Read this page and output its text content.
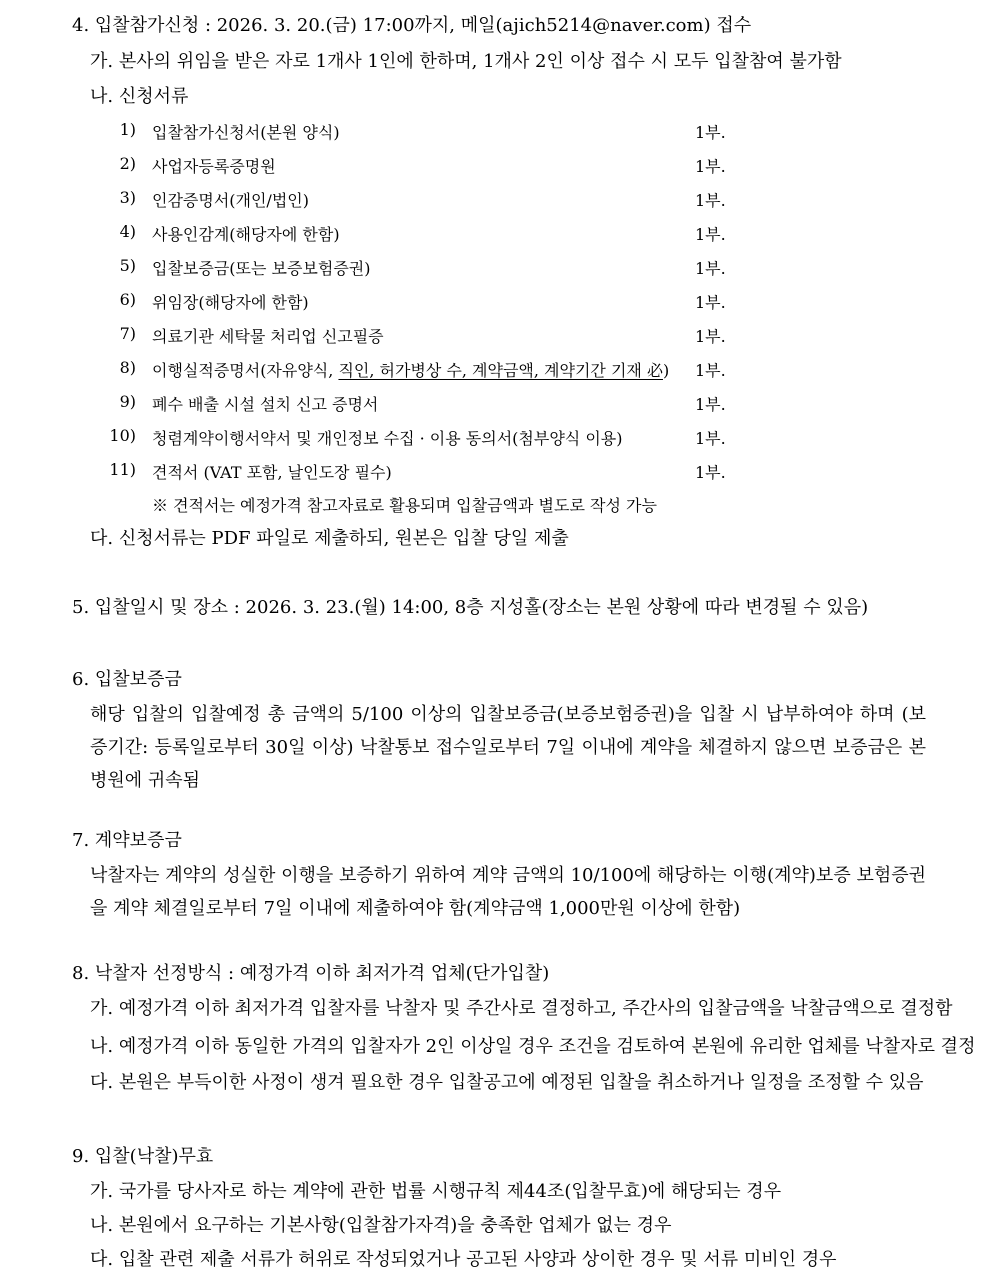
4. 입찰참가신청 : 2026. 3. 20.(금) 17:00까지, 메일(ajich5214@naver.com) 접수
가. 본사의 위임을 받은 자로 1개사 1인에 한하며, 1개사 2인 이상 접수 시 모두 입찰참여 불가함
나. 신청서류
1) 입찰참가신청서(본원 양식)	1부.
2) 사업자등록증명원	1부.
3) 인감증명서(개인/법인)	1부.
4) 사용인감계(해당자에 한함)	1부.
5) 입찰보증금(또는 보증보험증권)	1부.
6) 위임장(해당자에 한함)	1부.
7) 의료기관 세탁물 처리업 신고필증	1부.
8) 이행실적증명서(자유양식, 직인, 허가병상 수, 계약금액, 계약기간 기재 必) 1부.
9) 폐수 배출 시설 설치 신고 증명서	1부.
10) 청렴계약이행서약서 및 개인정보 수집 · 이용 동의서(첨부양식 이용)	1부.
11) 견적서 (VAT 포함, 날인도장 필수)	1부.
※ 견적서는 예정가격 참고자료로 활용되며 입찰금액과 별도로 작성 가능
다. 신청서류는 PDF 파일로 제출하되, 원본은 입찰 당일 제출
5. 입찰일시 및 장소 : 2026. 3. 23.(월) 14:00, 8층 지성홀(장소는 본원 상황에 따라 변경될 수 있음)
6. 입찰보증금
해당 입찰의 입찰예정 총 금액의 5/100 이상의 입찰보증금(보증보험증권)을 입찰 시 납부하여야 하며 (보증기간: 등록일로부터 30일 이상) 낙찰통보 접수일로부터 7일 이내에 계약을 체결하지 않으면 보증금은 본병원에 귀속됨
7. 계약보증금
낙찰자는 계약의 성실한 이행을 보증하기 위하여 계약 금액의 10/100에 해당하는 이행(계약)보증 보험증권을 계약 체결일로부터 7일 이내에 제출하여야 함(계약금액 1,000만원 이상에 한함)
8. 낙찰자 선정방식 : 예정가격 이하 최저가격 업체(단가입찰)
가. 예정가격 이하 최저가격 입찰자를 낙찰자 및 주간사로 결정하고, 주간사의 입찰금액을 낙찰금액으로 결정함
나. 예정가격 이하 동일한 가격의 입찰자가 2인 이상일 경우 조건을 검토하여 본원에 유리한 업체를 낙찰자로 결정
다. 본원은 부득이한 사정이 생겨 필요한 경우 입찰공고에 예정된 입찰을 취소하거나 일정을 조정할 수 있음
9. 입찰(낙찰)무효
가. 국가를 당사자로 하는 계약에 관한 법률 시행규칙 제44조(입찰무효)에 해당되는 경우
나. 본원에서 요구하는 기본사항(입찰참가자격)을 충족한 업체가 없는 경우
다. 입찰 관련 제출 서류가 허위로 작성되었거나 공고된 사양과 상이한 경우 및 서류 미비인 경우
